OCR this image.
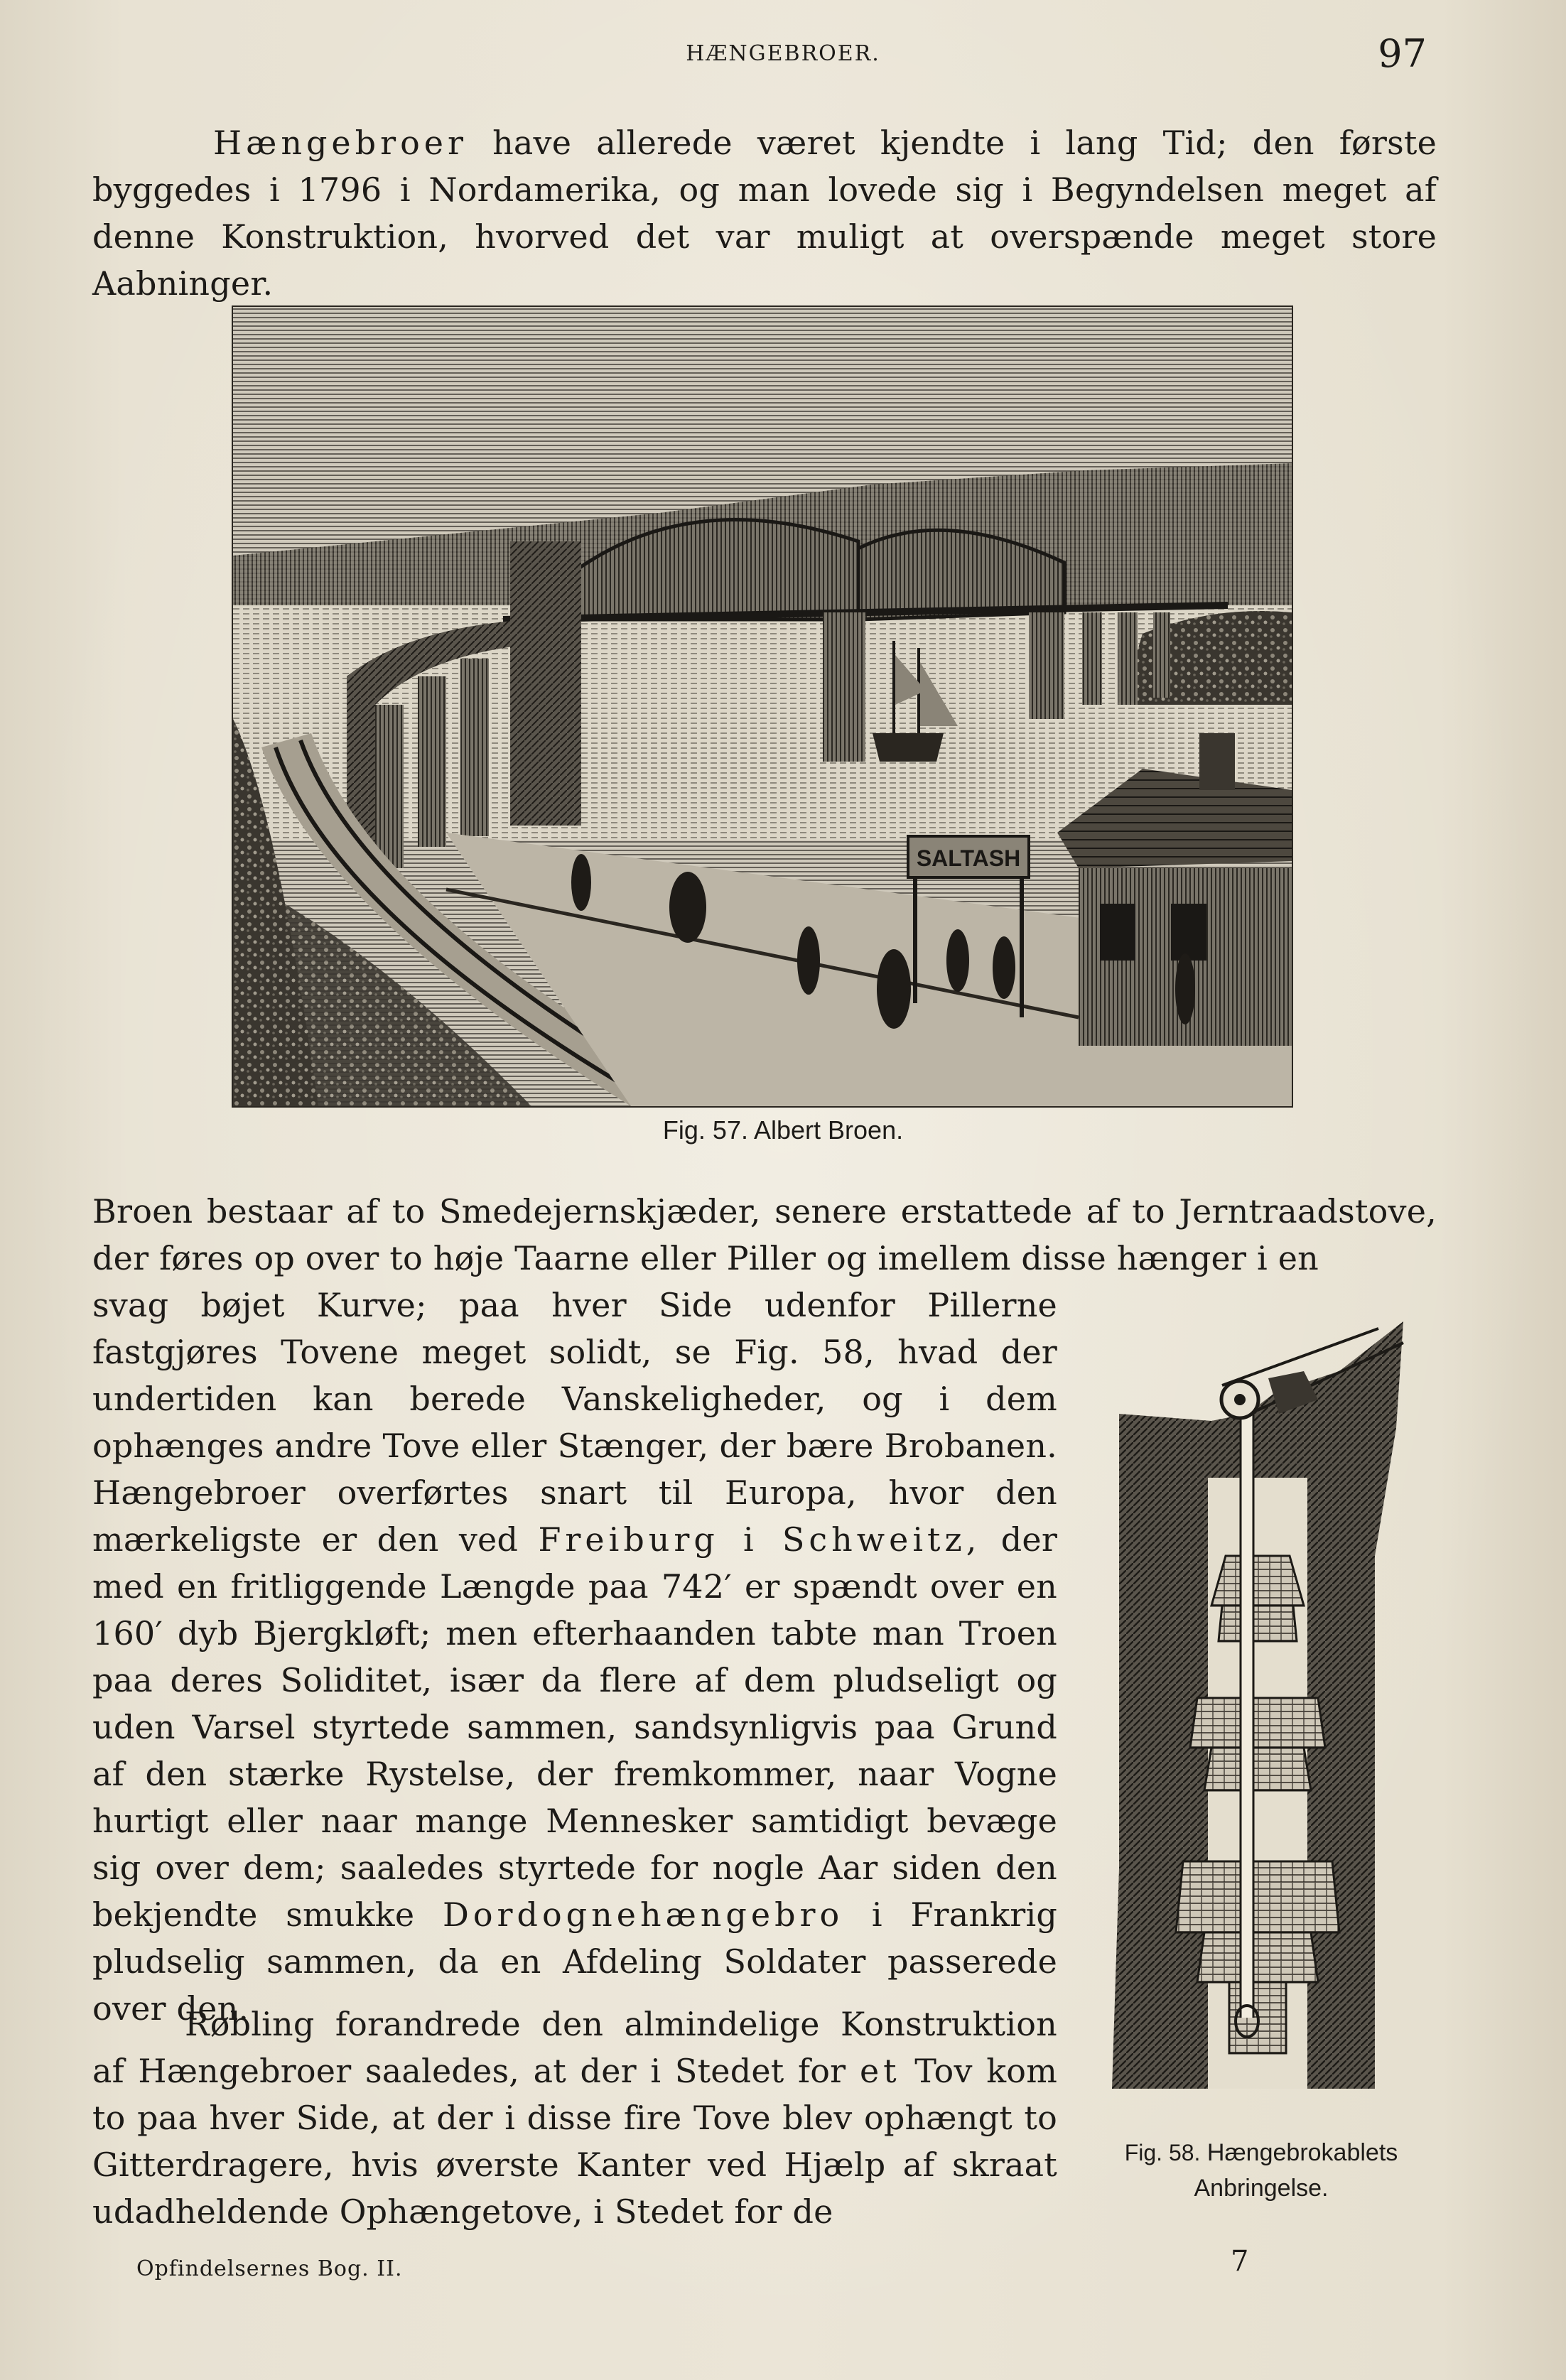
HÆNGEBROER.	97

Hængebroer have allerede været kjendte i lang Tid; den første byggedes i 1796 i Nordamerika, og man lovede sig i Begyndelsen meget af denne Konstruktion, hvorved det var muligt at overspænde meget store Aabninger.

SALTASH
Fig. 57. Albert Broen.

Broen bestaar af to Smedejernskjæder, senere erstattede af to Jerntraadstove, der føres op over to høje Taarne eller Piller og imellem disse hænger i en

svag bøjet Kurve; paa hver Side udenfor Pillerne fastgjøres Tovene meget solidt, se Fig. 58, hvad der undertiden kan berede Vanskeligheder, og i dem ophænges andre Tove eller Stænger, der bære Brobanen. Hængebroer overførtes snart til Europa, hvor den mærkeligste er den ved Freiburg i Schweitz, der med en fritliggende Længde paa 742′ er spændt over en 160′ dyb Bjergkløft; men efterhaanden tabte man Troen paa deres Soliditet, især da flere af dem pludseligt og uden Varsel styrtede sammen, sandsynligvis paa Grund af den stærke Rystelse, der fremkommer, naar Vogne hurtigt eller naar mange Mennesker samtidigt bevæge sig over dem; saaledes styrtede for nogle Aar siden den bekjendte smukke Dordognehængebro i Frankrig pludselig sammen, da en Afdeling Soldater passerede over den.

Røbling forandrede den almindelige Konstruktion af Hængebroer saaledes, at der i Stedet for et Tov kom to paa hver Side, at der i disse fire Tove blev ophængt to Gitterdragere, hvis øverste Kanter ved Hjælp af skraat udadheldende Ophængetove, i Stedet for de

Fig. 58. Hængebrokablets Anbringelse.
Opfindelsernes Bog. II.	7
